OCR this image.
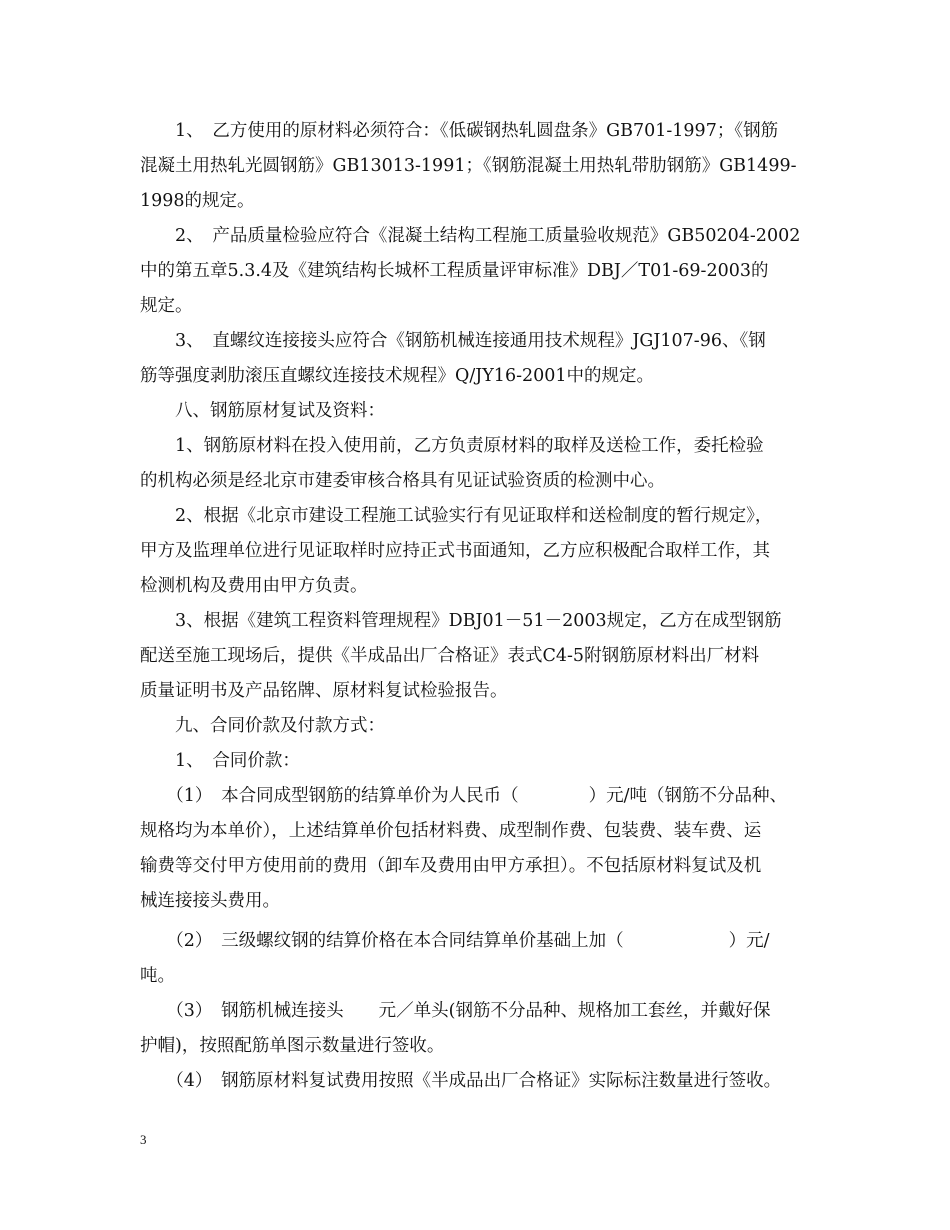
　　1、　乙方使用的原材料必须符合：《低碳钢热轧圆盘条》GB701-1997；《钢筋
混凝土用热轧光圆钢筋》GB13013-1991；《钢筋混凝土用热轧带肋钢筋》GB1499-
1998的规定。
　　2、　产品质量检验应符合《混凝土结构工程施工质量验收规范》GB50204-2002
中的第五章5.3.4及《建筑结构长城杯工程质量评审标准》DBJ／T01-69-2003的
规定。
　　3、　直螺纹连接接头应符合《钢筋机械连接通用技术规程》JGJ107-96、《钢
筋等强度剥肋滚压直螺纹连接技术规程》Q/JY16-2001中的规定。
　　八、钢筋原材复试及资料：
　　1、钢筋原材料在投入使用前，乙方负责原材料的取样及送检工作，委托检验
的机构必须是经北京市建委审核合格具有见证试验资质的检测中心。
　　2、根据《北京市建设工程施工试验实行有见证取样和送检制度的暂行规定》，
甲方及监理单位进行见证取样时应持正式书面通知，乙方应积极配合取样工作，其
检测机构及费用由甲方负责。
　　3、根据《建筑工程资料管理规程》DBJ01－51－2003规定，乙方在成型钢筋
配送至施工现场后，提供《半成品出厂合格证》表式C4-5附钢筋原材料出厂材料
质量证明书及产品铭牌、原材料复试检验报告。
　　九、合同价款及付款方式：
　　1、　合同价款：
　　（1）　本合同成型钢筋的结算单价为人民币（　　　　）元/吨（钢筋不分品种、
规格均为本单价），上述结算单价包括材料费、成型制作费、包装费、装车费、运
输费等交付甲方使用前的费用（卸车及费用由甲方承担）。不包括原材料复试及机
械连接接头费用。
　　（2）　三级螺纹钢的结算价格在本合同结算单价基础上加（　　　　　　）元/
吨。
　　（3）　钢筋机械连接头　　元／单头(钢筋不分品种、规格加工套丝，并戴好保
护帽)，按照配筋单图示数量进行签收。
　　（4）　钢筋原材料复试费用按照《半成品出厂合格证》实际标注数量进行签收。
3
